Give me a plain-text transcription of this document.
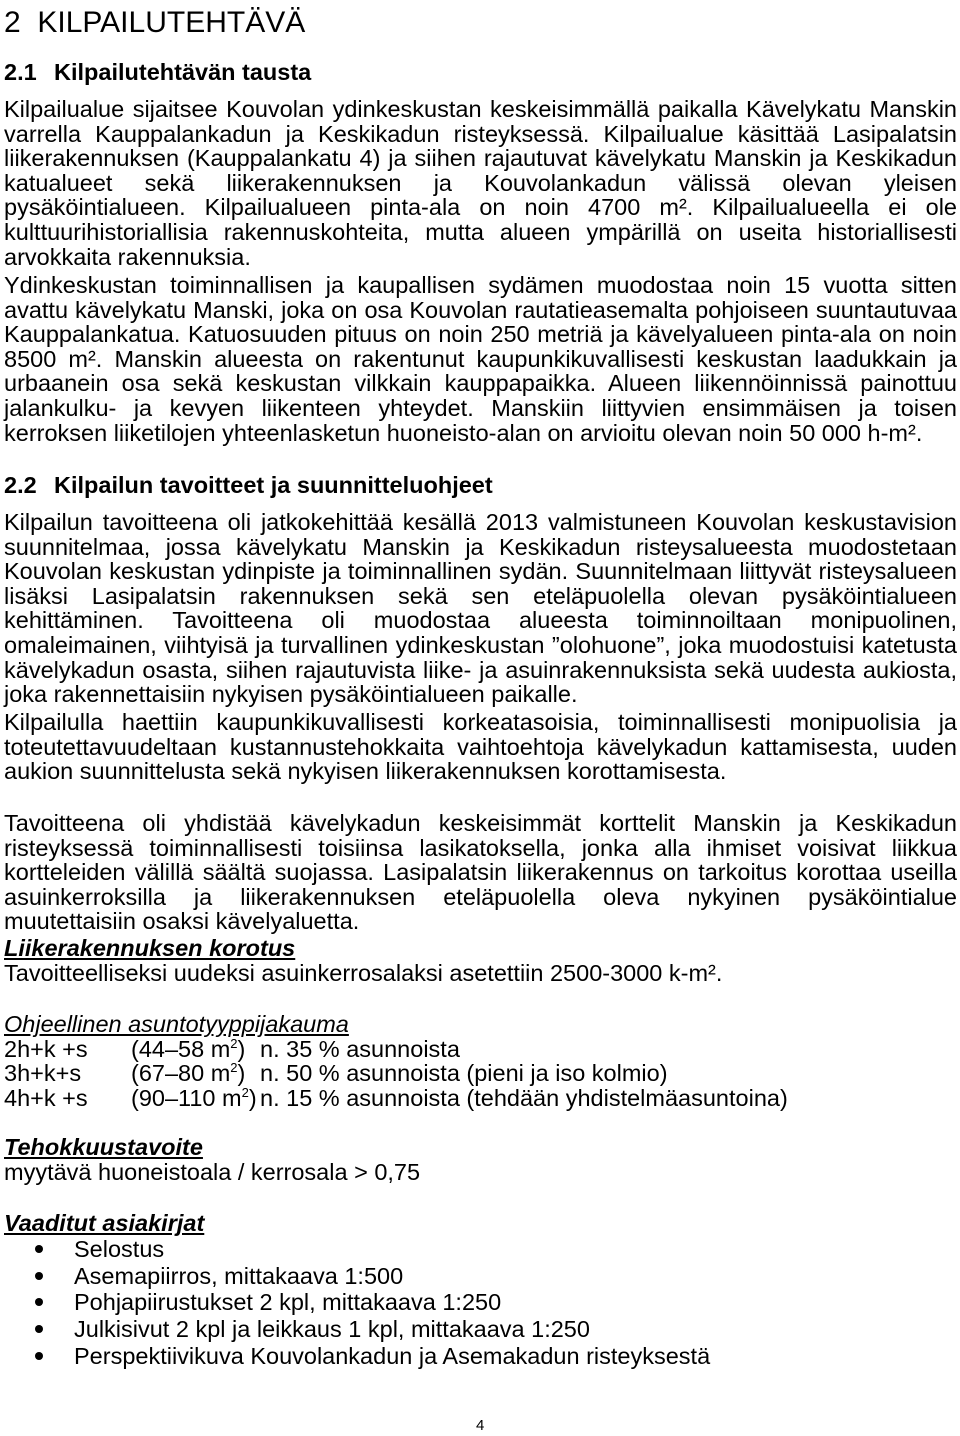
2 KILPAILUTEHTÄVÄ
2.1 Kilpailutehtävän tausta

Kilpailualue sijaitsee Kouvolan ydinkeskustan keskeisimmällä paikalla Kävelykatu Manskin varrella Kauppalankadun ja Keskikadun risteyksessä. Kilpailualue käsittää Lasipalatsin liikerakennuksen (Kauppalankatu 4) ja siihen rajautuvat kävelykatu Manskin ja Keskikadun katualueet sekä liikerakennuksen ja Kouvolankadun välissä olevan yleisen pysäköintialueen. Kilpailualueen pinta-ala on noin 4700 m². Kilpailualueella ei ole kulttuurihistoriallisia rakennuskohteita, mutta alueen ympärillä on useita historiallisesti arvokkaita rakennuksia.

Ydinkeskustan toiminnallisen ja kaupallisen sydämen muodostaa noin 15 vuotta sitten avattu kävelykatu Manski, joka on osa Kouvolan rautatieasemalta pohjoiseen suuntautuvaa Kauppalankatua. Katuosuuden pituus on noin 250 metriä ja kävelyalueen pinta-ala on noin 8500 m². Manskin alueesta on rakentunut kaupunkikuvallisesti keskustan laadukkain ja urbaanein osa sekä keskustan vilkkain kauppapaikka. Alueen liikennöinnissä painottuu jalankulku- ja kevyen liikenteen yhteydet. Manskiin liittyvien ensimmäisen ja toisen kerroksen liiketilojen yhteenlasketun huoneisto-alan on arvioitu olevan noin 50 000 h-m².

2.2 Kilpailun tavoitteet ja suunnitteluohjeet

Kilpailun tavoitteena oli jatkokehittää kesällä 2013 valmistuneen Kouvolan keskustavision suunnitelmaa, jossa kävelykatu Manskin ja Keskikadun risteysalueesta muodostetaan Kouvolan keskustan ydinpiste ja toiminnallinen sydän. Suunnitelmaan liittyvät risteysalueen lisäksi Lasipalatsin rakennuksen sekä sen eteläpuolella olevan pysäköintialueen kehittäminen. Tavoitteena oli muodostaa alueesta toiminnoiltaan monipuolinen, omaleimainen, viihtyisä ja turvallinen ydinkeskustan ”olohuone”, joka muodostuisi katetusta kävelykadun osasta, siihen rajautuvista liike- ja asuinrakennuksista sekä uudesta aukiosta, joka rakennettaisiin nykyisen pysäköintialueen paikalle.

Kilpailulla haettiin kaupunkikuvallisesti korkeatasoisia, toiminnallisesti monipuolisia ja toteutettavuudeltaan kustannustehokkaita vaihtoehtoja kävelykadun kattamisesta, uuden aukion suunnittelusta sekä nykyisen liikerakennuksen korottamisesta.

Tavoitteena oli yhdistää kävelykadun keskeisimmät korttelit Manskin ja Keskikadun risteyksessä toiminnallisesti toisiinsa lasikatoksella, jonka alla ihmiset voisivat liikkua kortteleiden välillä säältä suojassa. Lasipalatsin liikerakennus on tarkoitus korottaa useilla asuinkerroksilla ja liikerakennuksen eteläpuolella oleva nykyinen pysäköintialue muutettaisiin osaksi kävelyaluetta.

Liikerakennuksen korotus
Tavoitteelliseksi uudeksi asuinkerrosalaksi asetettiin 2500-3000 k-m².
Ohjeellinen asuntotyyppijakauma
2h+k +s	(44–58 $m^2$) n. 35 % asunnoista
3h+k+s	(67–80 $m^2$) n. 50 % asunnoista (pieni ja iso kolmio)
4h+k +s	(90–110 $m^2$) n. 15 % asunnoista (tehdään yhdistelmäasuntoina)
Tehokkuustavoite
myytävä huoneistoala / kerrosala > 0,75
Vaaditut asiakirjat
Selostus
Asemapiirros, mittakaava 1:500
Pohjapiirustukset 2 kpl, mittakaava 1:250
Julkisivut 2 kpl ja leikkaus 1 kpl, mittakaava 1:250
Perspektiivikuva Kouvolankadun ja Asemakadun risteyksestä
4
